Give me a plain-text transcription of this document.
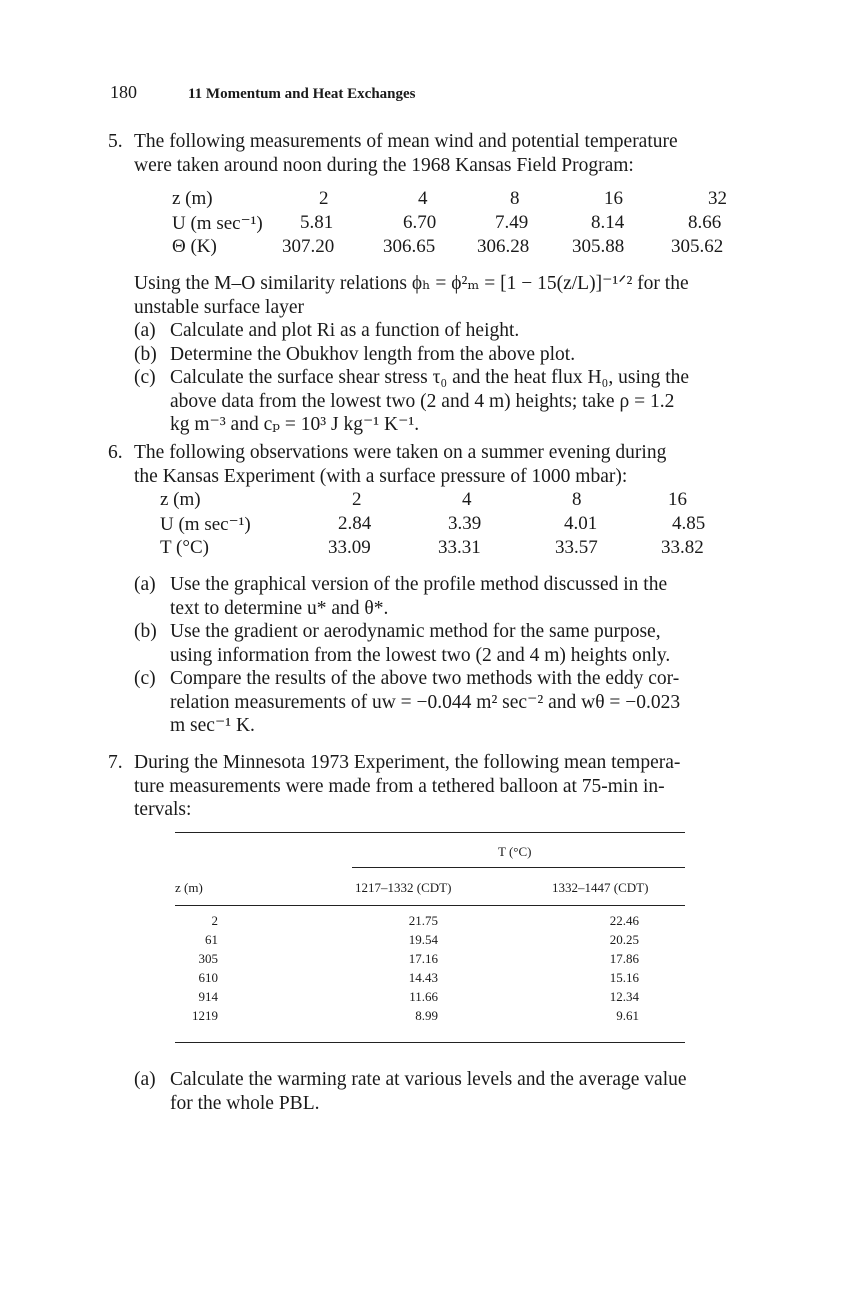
180	11 Momentum and Heat Exchanges
5. The following measurements of mean wind and potential temperature
were taken around noon during the 1968 Kansas Field Program:
z (m)	2	4	8	16	32
U (m sec⁻¹) 5.81	6.70	7.49	8.14	8.66
Θ (K)	307.20	306.65 306.28 305.88 305.62
Using the M–O similarity relations ϕₕ = ϕ²ₘ = [1 − 15(z/L)]⁻¹ᐟ² for the
unstable surface layer
(a) Calculate and plot Ri as a function of height.
(b) Determine the Obukhov length from the above plot.
(c) Calculate the surface shear stress τ₀ and the heat flux H₀, using the
above data from the lowest two (2 and 4 m) heights; take ρ = 1.2
kg m⁻³ and cₚ = 10³ J kg⁻¹ K⁻¹.
6. The following observations were taken on a summer evening during
the Kansas Experiment (with a surface pressure of 1000 mbar):
z (m)	2	4	8	16
U (m sec⁻¹)	2.84	3.39	4.01	4.85
T (°C)	33.09	33.31	33.57	33.82
(a) Use the graphical version of the profile method discussed in the
text to determine u* and θ*.
(b) Use the gradient or aerodynamic method for the same purpose,
using information from the lowest two (2 and 4 m) heights only.
(c) Compare the results of the above two methods with the eddy cor-
relation measurements of uw = −0.044 m² sec⁻² and wθ = −0.023
m sec⁻¹ K.
7. During the Minnesota 1973 Experiment, the following mean tempera-
ture measurements were made from a tethered balloon at 75-min in-
tervals:
T (°C)
z (m)	1217–1332 (CDT)	1332–1447 (CDT)
2	21.75	22.46
61	19.54	20.25
305	17.16	17.86
610	14.43	15.16
914	11.66	12.34
1219	8.99	9.61
(a) Calculate the warming rate at various levels and the average value
for the whole PBL.
